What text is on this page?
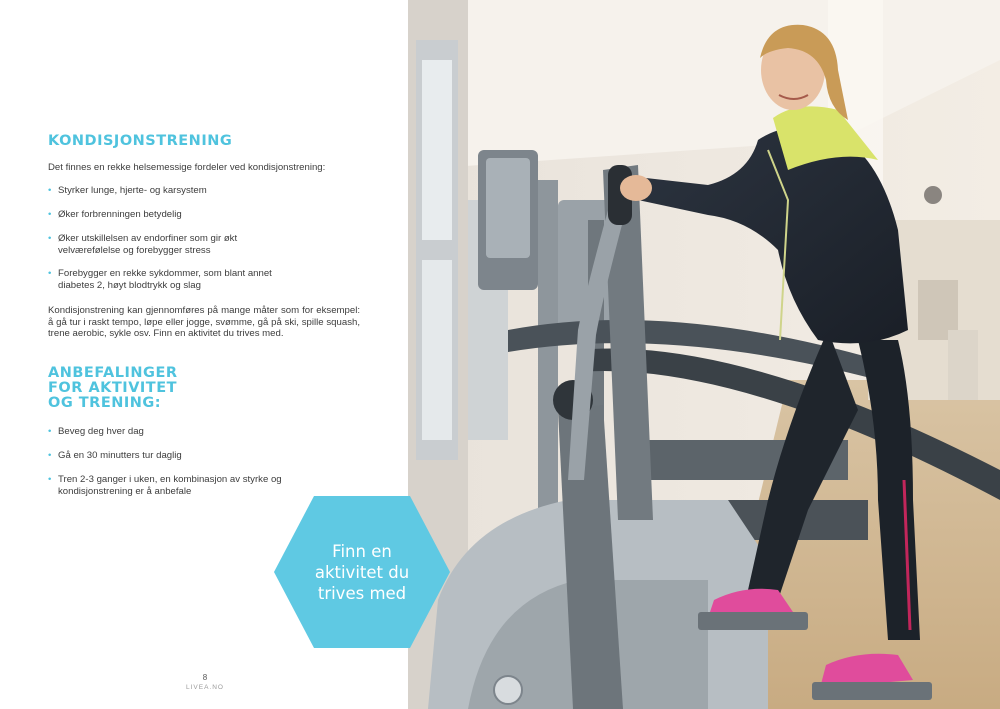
KONDISJONSTRENING

Det finnes en rekke helsemessige fordeler ved kondisjonstrening:

• Styrker lunge, hjerte- og karsystem
• Øker forbrenningen betydelig
• Øker utskillelsen av endorfiner som gir økt velværefølelse og forebygger stress
• Forebygger en rekke sykdommer, som blant annet diabetes 2, høyt blodtrykk og slag

Kondisjonstrening kan gjennomføres på mange måter som for eksempel: å gå tur i raskt tempo, løpe eller jogge, svømme, gå på ski, spille squash, trene aerobic, sykle osv. Finn en aktivitet du trives med.

ANBEFALINGER FOR AKTIVITET OG TRENING:
• Beveg deg hver dag
• Gå en 30 minutters tur daglig
• Tren 2-3 ganger i uken, en kombinasjon av styrke og kondisjonstrening er å anbefale
8
LIVEA.NO
Finn en aktivitet du trives med
